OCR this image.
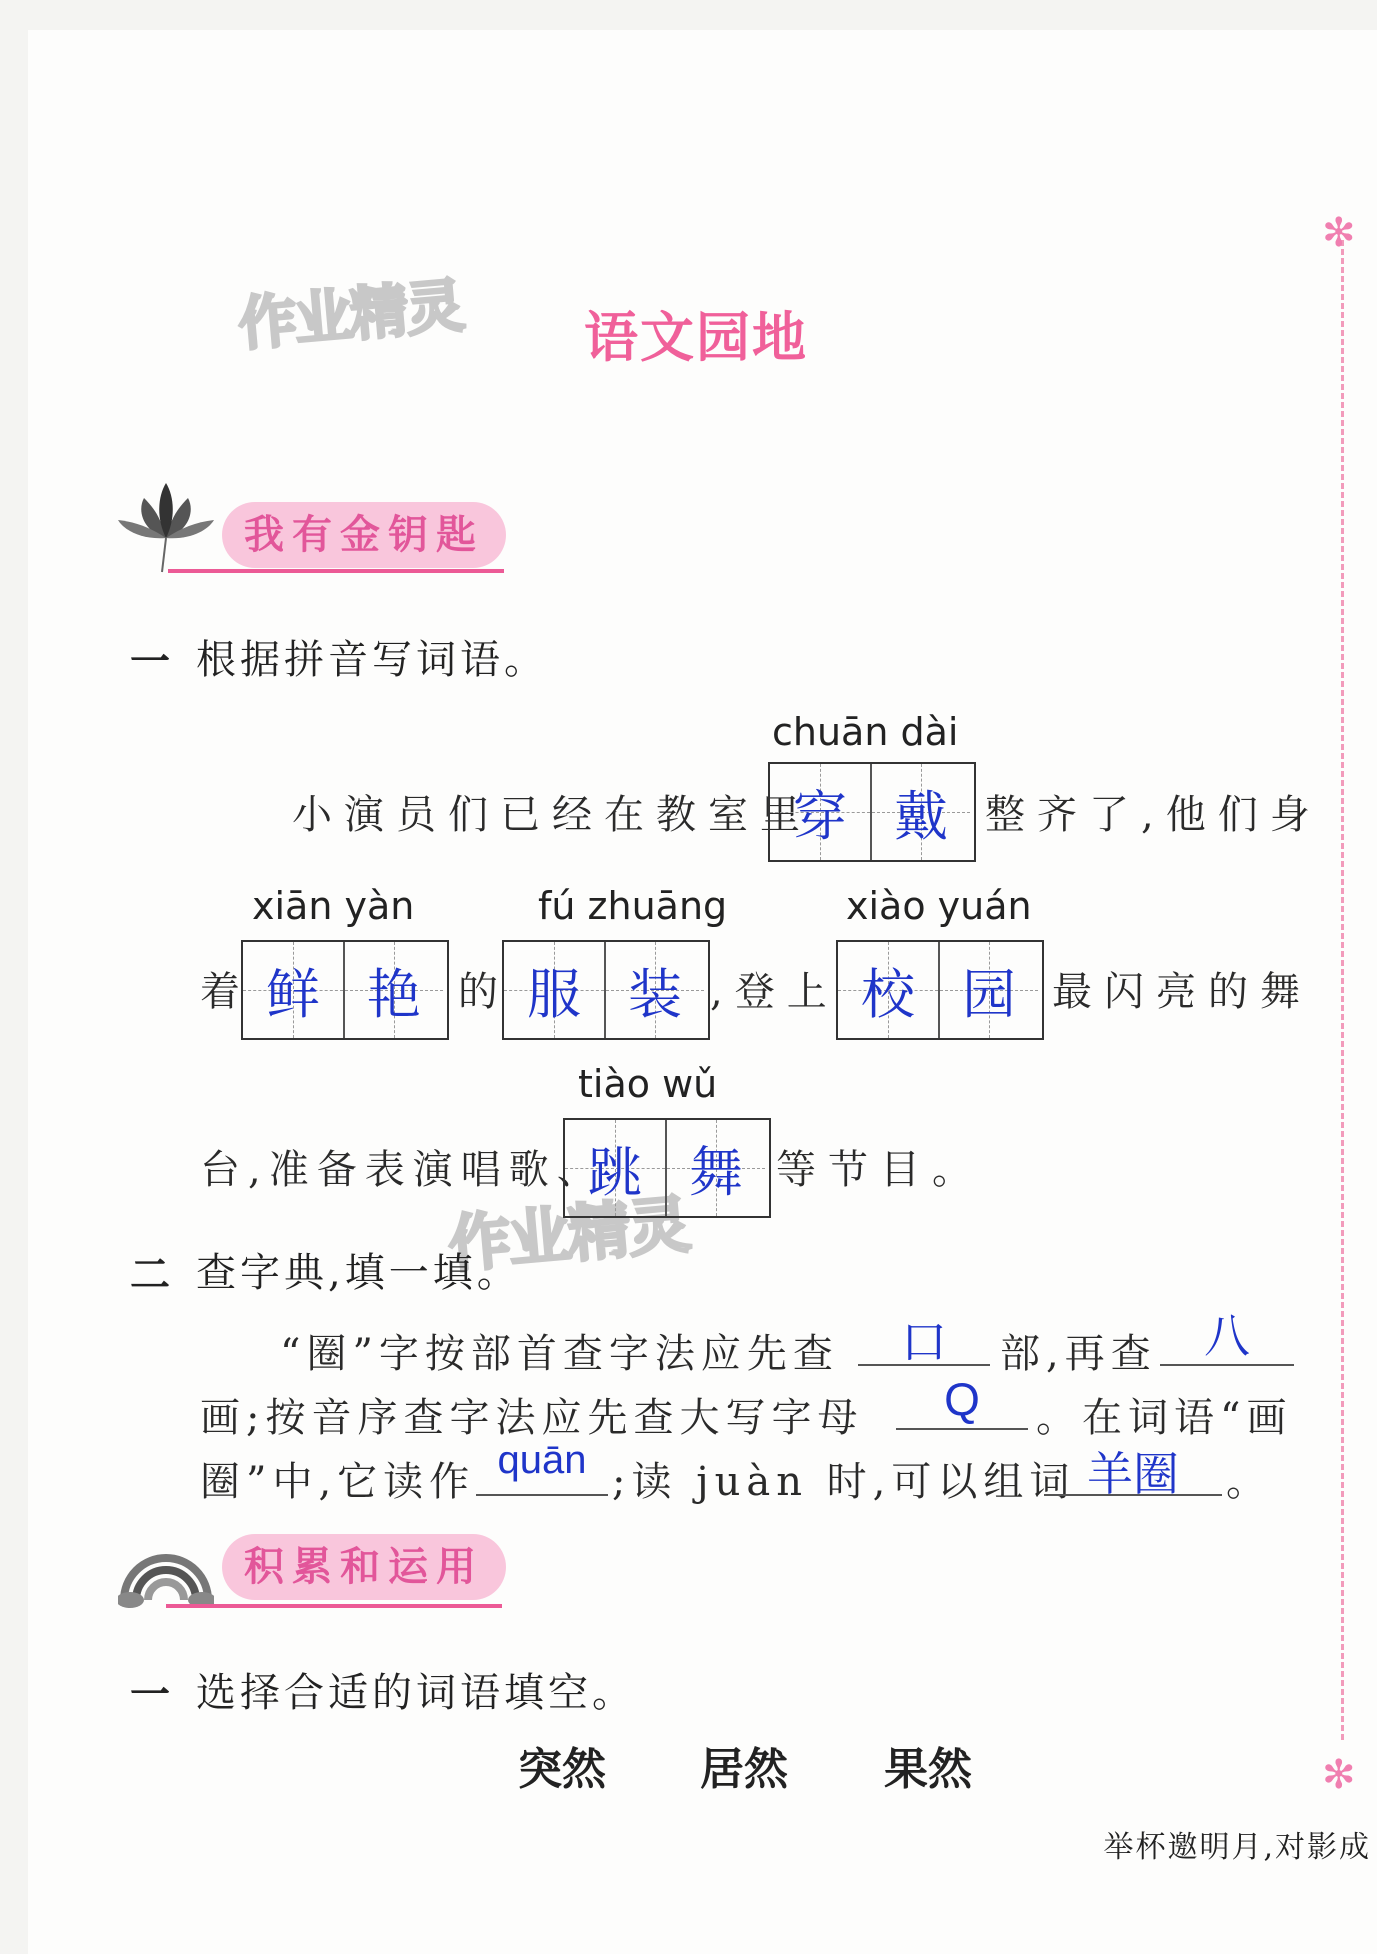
✻
✻
作业精灵
作业精灵
语文园地
我有金钥匙
一 根据拼音写词语。
chuān dài
小演员们已经在教室里
穿 戴 整齐了,他们身
xiān yàn	fú zhuāng	xiào yuán
着 鲜 艳 的 服 装 ,登上 校 园 最闪亮的舞
tiào wǔ
台,准备表演唱歌、
跳 舞 等节目。
二 查字典,填一填。
“圈”字按部首查字法应先查	口	部,再查	八
画;按音序查字法应先查大写字母	Q	。在词语“画
圈”中,它读作 quān ;读 juàn 时,可以组词 羊圈	。
积累和运用
一 选择合适的词语填空。
突然 居然 果然
举杯邀明月,对影成
